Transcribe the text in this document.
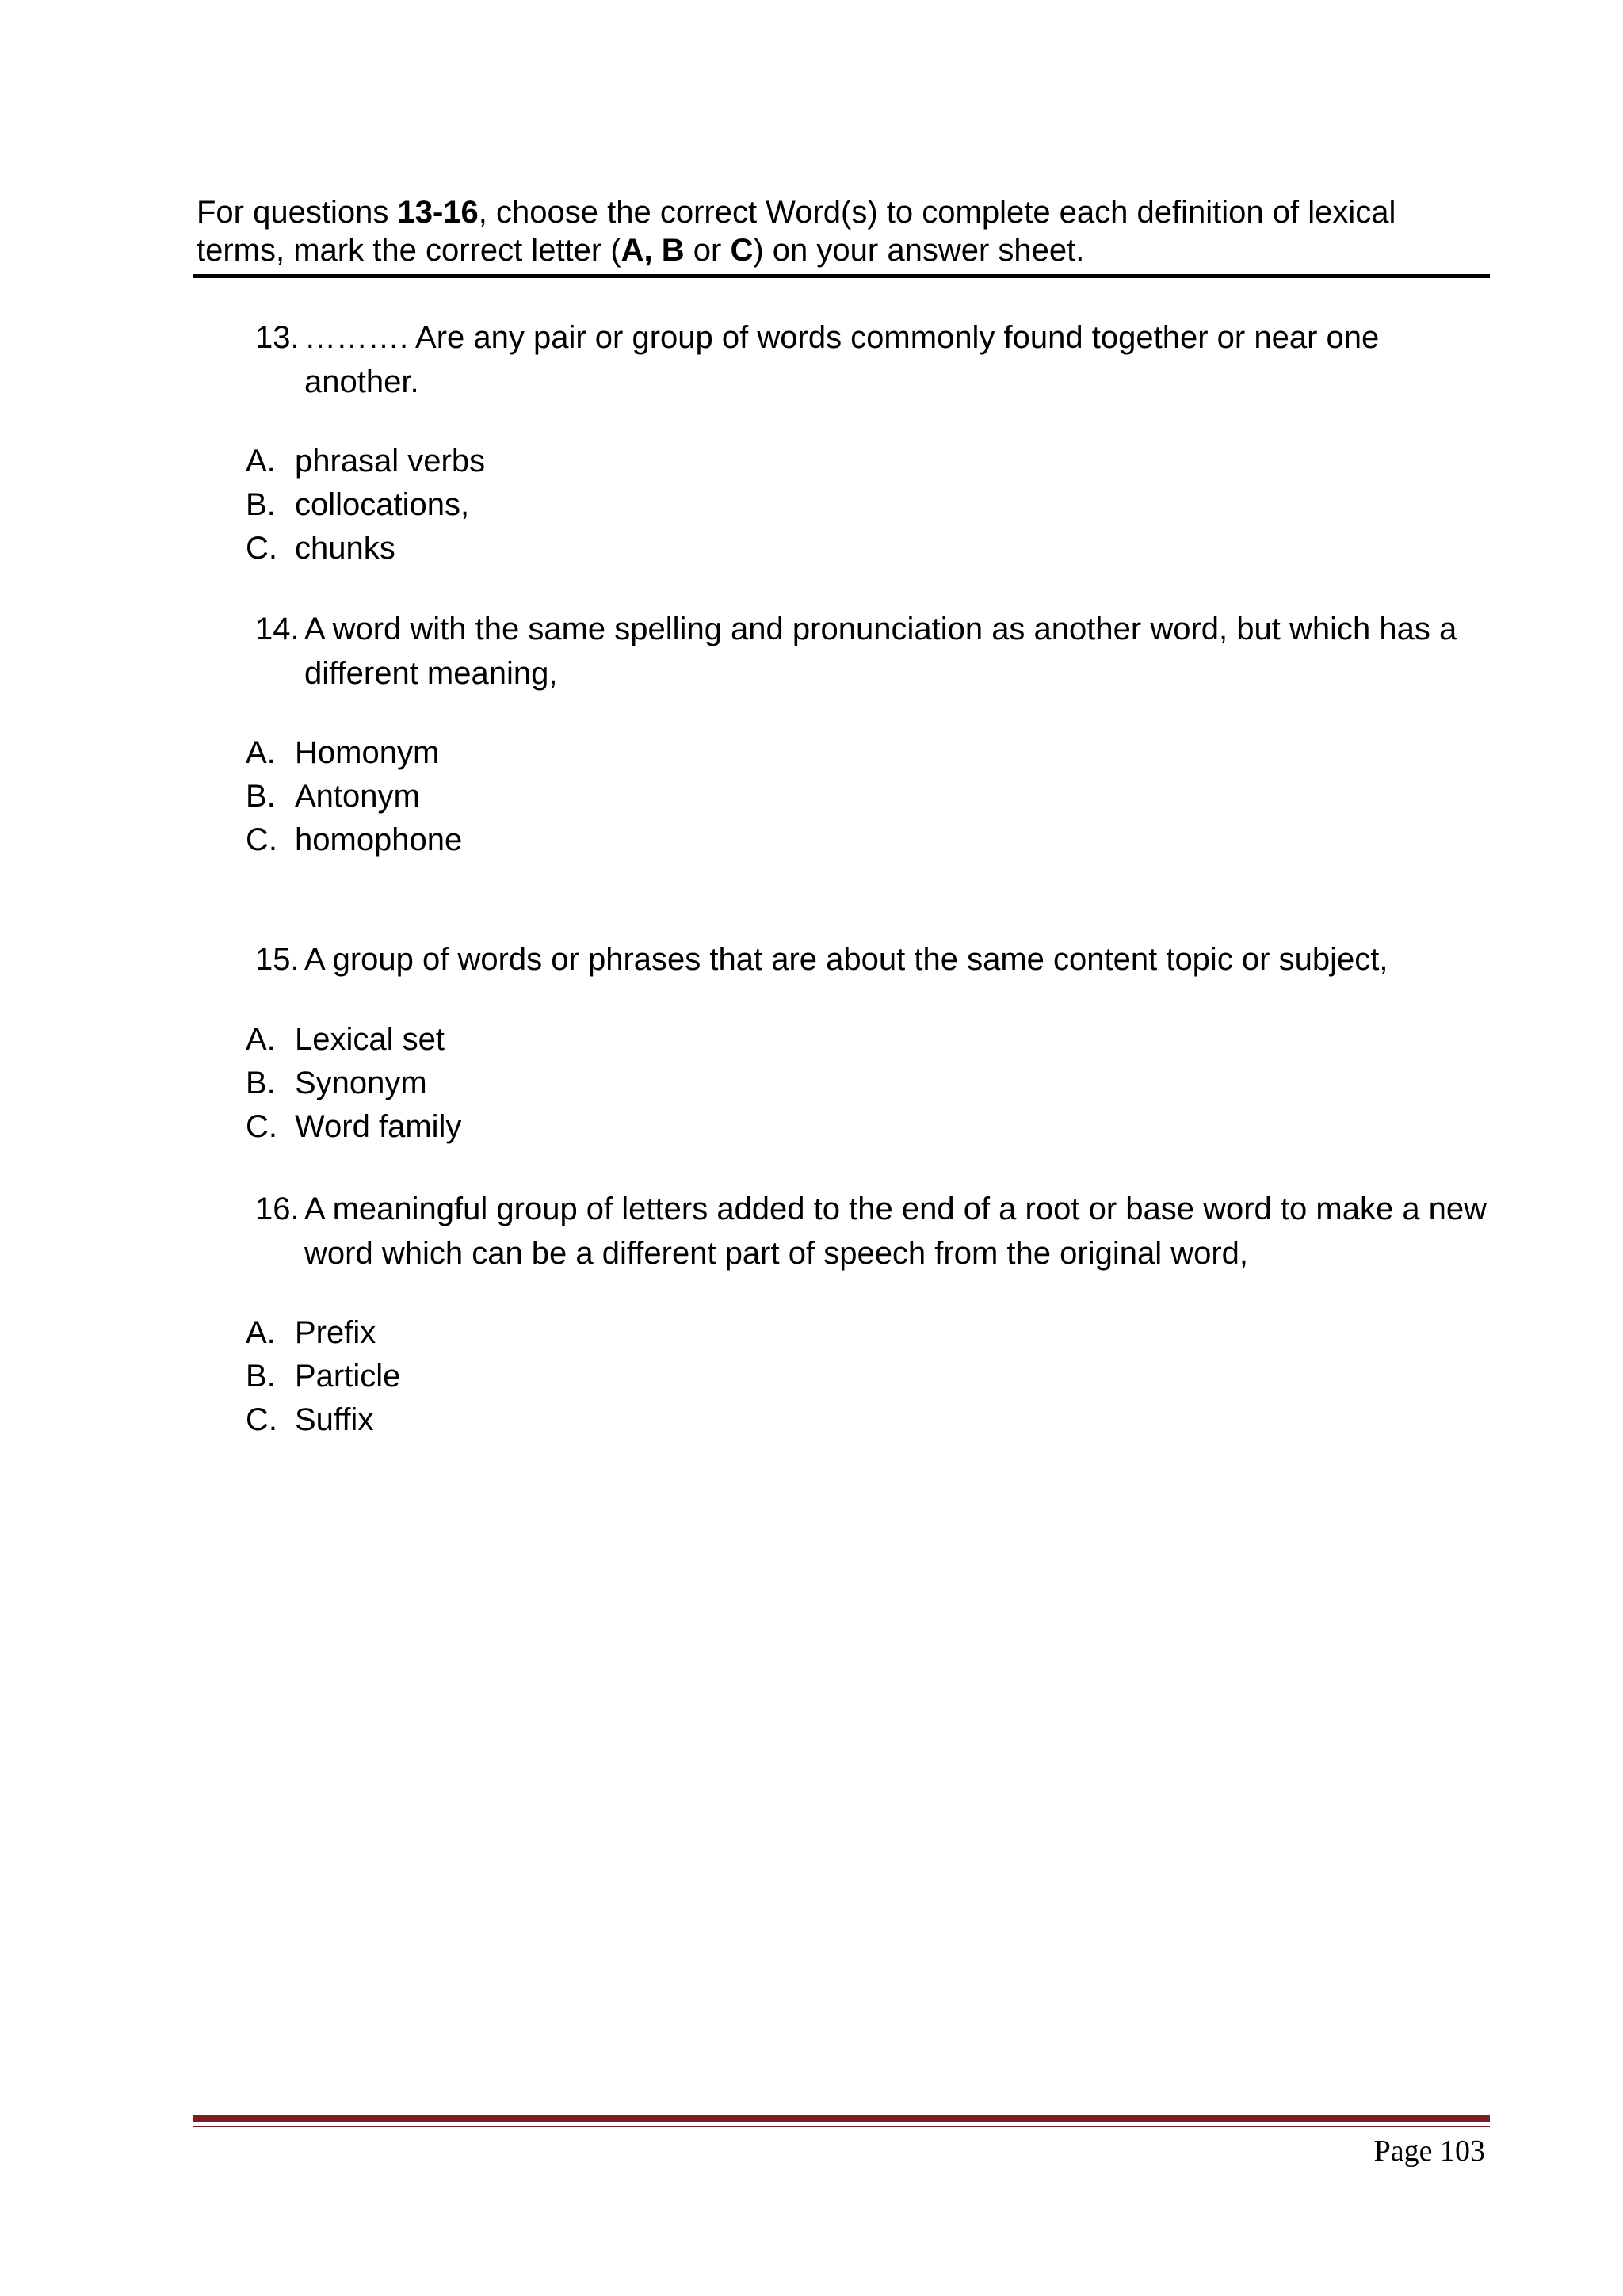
For questions 13-16, choose the correct Word(s) to complete each definition of lexical terms, mark the correct letter (A, B or C) on your answer sheet.
13. ………. Are any pair or group of words commonly found together or near one another.
A. phrasal verbs
B. collocations,
C. chunks
14. A word with the same spelling and pronunciation as another word, but which has a different meaning,
A. Homonym
B. Antonym
C. homophone
15. A group of words or phrases that are about the same content topic or subject,
A. Lexical set
B. Synonym
C. Word family
16. A meaningful group of letters added to the end of a root or base word to make a new word which can be a different part of speech from the original word,
A. Prefix
B. Particle
C. Suffix
Page 103
